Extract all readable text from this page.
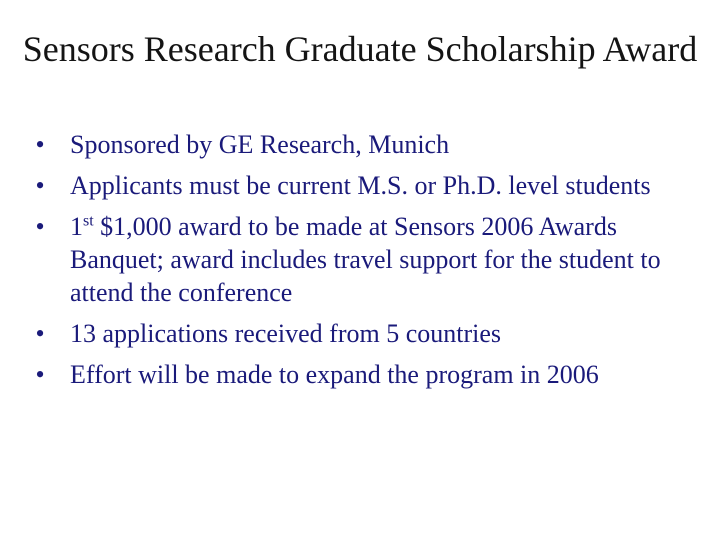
Sensors Research Graduate Scholarship Award
• Sponsored by GE Research, Munich
• Applicants must be current M.S. or Ph.D. level students
• 1st $1,000 award to be made at Sensors 2006 Awards Banquet; award includes travel support for the student to attend the conference
• 13 applications received from 5 countries
• Effort will be made to expand the program in 2006
